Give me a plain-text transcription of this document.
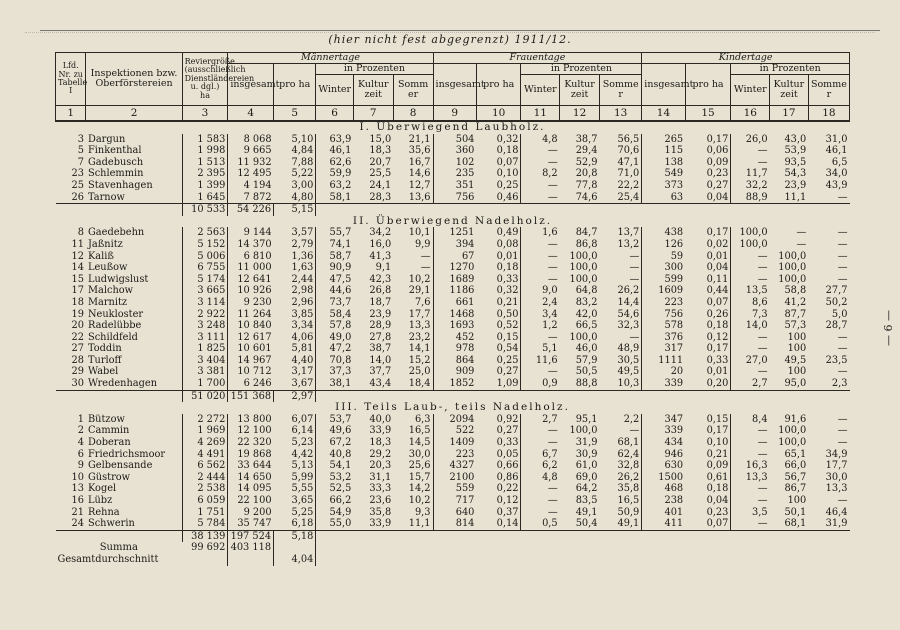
(hier nicht fest abgegrenzt) 1911/12.
— 6 —
Lfd. Nr. zu Tabelle I	Inspektionen bzw. Oberförstereien	Reviergröße (ausschließlich Dienstländereien u. dgl.) ha	Männertage					Frauentage					Kindertage				
			insgesamt	pro ha	in Prozenten			insgesamt	pro ha	in Prozenten			insgesamt	pro ha	in Prozenten		
					Winter	Kulturzeit	Sommer			Winter	Kulturzeit	Sommer			Winter	Kulturzeit	Sommer
1	2	3	4	5	6	7	8	9	10	11	12	13	14	15	16	17	18
I. Überwiegend Laubholz.																	
3	Dargun	1 583	8 068	5,10	63,9	15,0	21,1	504	0,32	4,8	38,7	56,5	265	0,17	26,0	43,0	31,0
5	Finkenthal	1 998	9 665	4,84	46,1	18,3	35,6	360	0,18	—	29,4	70,6	115	0,06	—	53,9	46,1
7	Gadebusch	1 513	11 932	7,88	62,6	20,7	16,7	102	0,07	—	52,9	47,1	138	0,09	—	93,5	6,5
23	Schlemmin	2 395	12 495	5,22	59,9	25,5	14,6	235	0,10	8,2	20,8	71,0	549	0,23	11,7	54,3	34,0
25	Stavenhagen	1 399	4 194	3,00	63,2	24,1	12,7	351	0,25	—	77,8	22,2	373	0,27	32,2	23,9	43,9
26	Tarnow	1 645	7 872	4,80	58,1	28,3	13,6	756	0,46	—	74,6	25,4	63	0,04	88,9	11,1	—
		10 533	54 226	5,15													
II. Überwiegend Nadelholz.																	
8	Gaedebehn	2 563	9 144	3,57	55,7	34,2	10,1	1251	0,49	1,6	84,7	13,7	438	0,17	100,0	—	—
11	Jaßnitz	5 152	14 370	2,79	74,1	16,0	9,9	394	0,08	—	86,8	13,2	126	0,02	100,0	—	—
12	Kaliß	5 006	6 810	1,36	58,7	41,3	—	67	0,01	—	100,0	—	59	0,01	—	100,0	—
14	Leußow	6 755	11 000	1,63	90,9	9,1	—	1270	0,18	—	100,0	—	300	0,04	—	100,0	—
15	Ludwigslust	5 174	12 641	2,44	47,5	42,3	10,2	1689	0,33	—	100,0	—	599	0,11	—	100,0	—
17	Malchow	3 665	10 926	2,98	44,6	26,8	29,1	1186	0,32	9,0	64,8	26,2	1609	0,44	13,5	58,8	27,7
18	Marnitz	3 114	9 230	2,96	73,7	18,7	7,6	661	0,21	2,4	83,2	14,4	223	0,07	8,6	41,2	50,2
19	Neukloster	2 922	11 264	3,85	58,4	23,9	17,7	1468	0,50	3,4	42,0	54,6	756	0,26	7,3	87,7	5,0
20	Radelübbe	3 248	10 840	3,34	57,8	28,9	13,3	1693	0,52	1,2	66,5	32,3	578	0,18	14,0	57,3	28,7
22	Schildfeld	3 111	12 617	4,06	49,0	27,8	23,2	452	0,15	—	100,0	—	376	0,12	—	100	—
27	Toddin	1 825	10 601	5,81	47,2	38,7	14,1	978	0,54	5,1	46,0	48,9	317	0,17	—	100	—
28	Turloff	3 404	14 967	4,40	70,8	14,0	15,2	864	0,25	11,6	57,9	30,5	1111	0,33	27,0	49,5	23,5
29	Wabel	3 381	10 712	3,17	37,3	37,7	25,0	909	0,27	—	50,5	49,5	20	0,01	—	100	—
30	Wredenhagen	1 700	6 246	3,67	38,1	43,4	18,4	1852	1,09	0,9	88,8	10,3	339	0,20	2,7	95,0	2,3
		51 020	151 368	2,97													
III. Teils Laub-, teils Nadelholz.																	
1	Bützow	2 272	13 800	6,07	53,7	40,0	6,3	2094	0,92	2,7	95,1	2,2	347	0,15	8,4	91,6	—
2	Cammin	1 969	12 100	6,14	49,6	33,9	16,5	522	0,27	—	100,0	—	339	0,17	—	100,0	—
4	Doberan	4 269	22 320	5,23	67,2	18,3	14,5	1409	0,33	—	31,9	68,1	434	0,10	—	100,0	—
6	Friedrichsmoor	4 491	19 868	4,42	40,8	29,2	30,0	223	0,05	6,7	30,9	62,4	946	0,21	—	65,1	34,9
9	Gelbensande	6 562	33 644	5,13	54,1	20,3	25,6	4327	0,66	6,2	61,0	32,8	630	0,09	16,3	66,0	17,7
10	Güstrow	2 444	14 650	5,99	53,2	31,1	15,7	2100	0,86	4,8	69,0	26,2	1500	0,61	13,3	56,7	30,0
13	Kogel	2 538	14 095	5,55	52,5	33,3	14,2	559	0,22	—	64,2	35,8	468	0,18	—	86,7	13,3
16	Lübz	6 059	22 100	3,65	66,2	23,6	10,2	717	0,12	—	83,5	16,5	238	0,04	—	100	—
21	Rehna	1 751	9 200	5,25	54,9	35,8	9,3	640	0,37	—	49,1	50,9	401	0,23	3,5	50,1	46,4
24	Schwerin	5 784	35 747	6,18	55,0	33,9	11,1	814	0,14	0,5	50,4	49,1	411	0,07	—	68,1	31,9
		38 139	197 524	5,18													
Summa		99 692	403 118														
Gesamtdurchschnitt				4,04													
